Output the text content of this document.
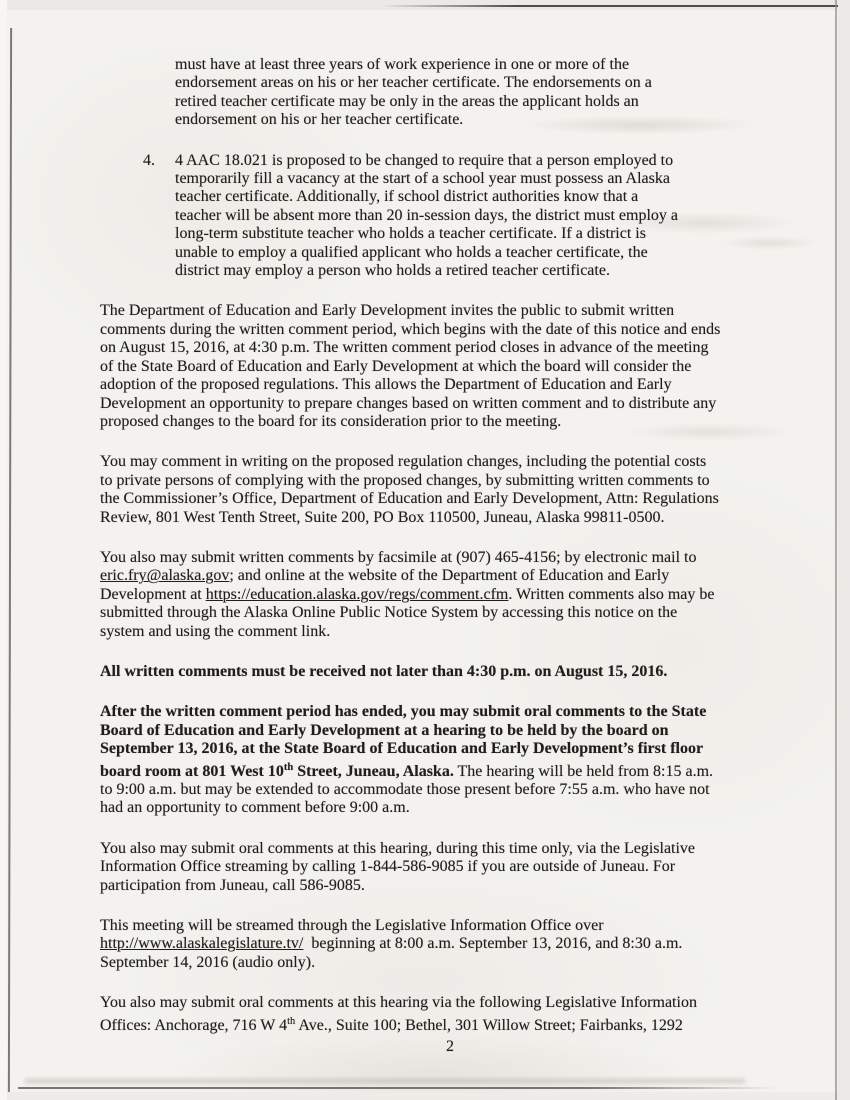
must have at least three years of work experience in one or more of the
endorsement areas on his or her teacher certificate. The endorsements on a
retired teacher certificate may be only in the areas the applicant holds an
endorsement on his or her teacher certificate.
4. 4 AAC 18.021 is proposed to be changed to require that a person employed to
temporarily fill a vacancy at the start of a school year must possess an Alaska
teacher certificate. Additionally, if school district authorities know that a
teacher will be absent more than 20 in-session days, the district must employ a
long-term substitute teacher who holds a teacher certificate. If a district is
unable to employ a qualified applicant who holds a teacher certificate, the
district may employ a person who holds a retired teacher certificate.
The Department of Education and Early Development invites the public to submit written
comments during the written comment period, which begins with the date of this notice and ends
on August 15, 2016, at 4:30 p.m. The written comment period closes in advance of the meeting
of the State Board of Education and Early Development at which the board will consider the
adoption of the proposed regulations. This allows the Department of Education and Early
Development an opportunity to prepare changes based on written comment and to distribute any
proposed changes to the board for its consideration prior to the meeting.
You may comment in writing on the proposed regulation changes, including the potential costs
to private persons of complying with the proposed changes, by submitting written comments to
the Commissioner’s Office, Department of Education and Early Development, Attn: Regulations
Review, 801 West Tenth Street, Suite 200, PO Box 110500, Juneau, Alaska 99811-0500.
You also may submit written comments by facsimile at (907) 465-4156; by electronic mail to
eric.fry@alaska.gov; and online at the website of the Department of Education and Early
Development at https://education.alaska.gov/regs/comment.cfm. Written comments also may be
submitted through the Alaska Online Public Notice System by accessing this notice on the
system and using the comment link.
All written comments must be received not later than 4:30 p.m. on August 15, 2016.
After the written comment period has ended, you may submit oral comments to the State
Board of Education and Early Development at a hearing to be held by the board on
September 13, 2016, at the State Board of Education and Early Development’s first floor
board room at 801 West 10th Street, Juneau, Alaska. The hearing will be held from 8:15 a.m.
to 9:00 a.m. but may be extended to accommodate those present before 7:55 a.m. who have not
had an opportunity to comment before 9:00 a.m.
You also may submit oral comments at this hearing, during this time only, via the Legislative
Information Office streaming by calling 1-844-586-9085 if you are outside of Juneau. For
participation from Juneau, call 586-9085.
This meeting will be streamed through the Legislative Information Office over
http://www.alaskalegislature.tv/  beginning at 8:00 a.m. September 13, 2016, and 8:30 a.m.
September 14, 2016 (audio only).
You also may submit oral comments at this hearing via the following Legislative Information
Offices: Anchorage, 716 W 4th Ave., Suite 100; Bethel, 301 Willow Street; Fairbanks, 1292
2
